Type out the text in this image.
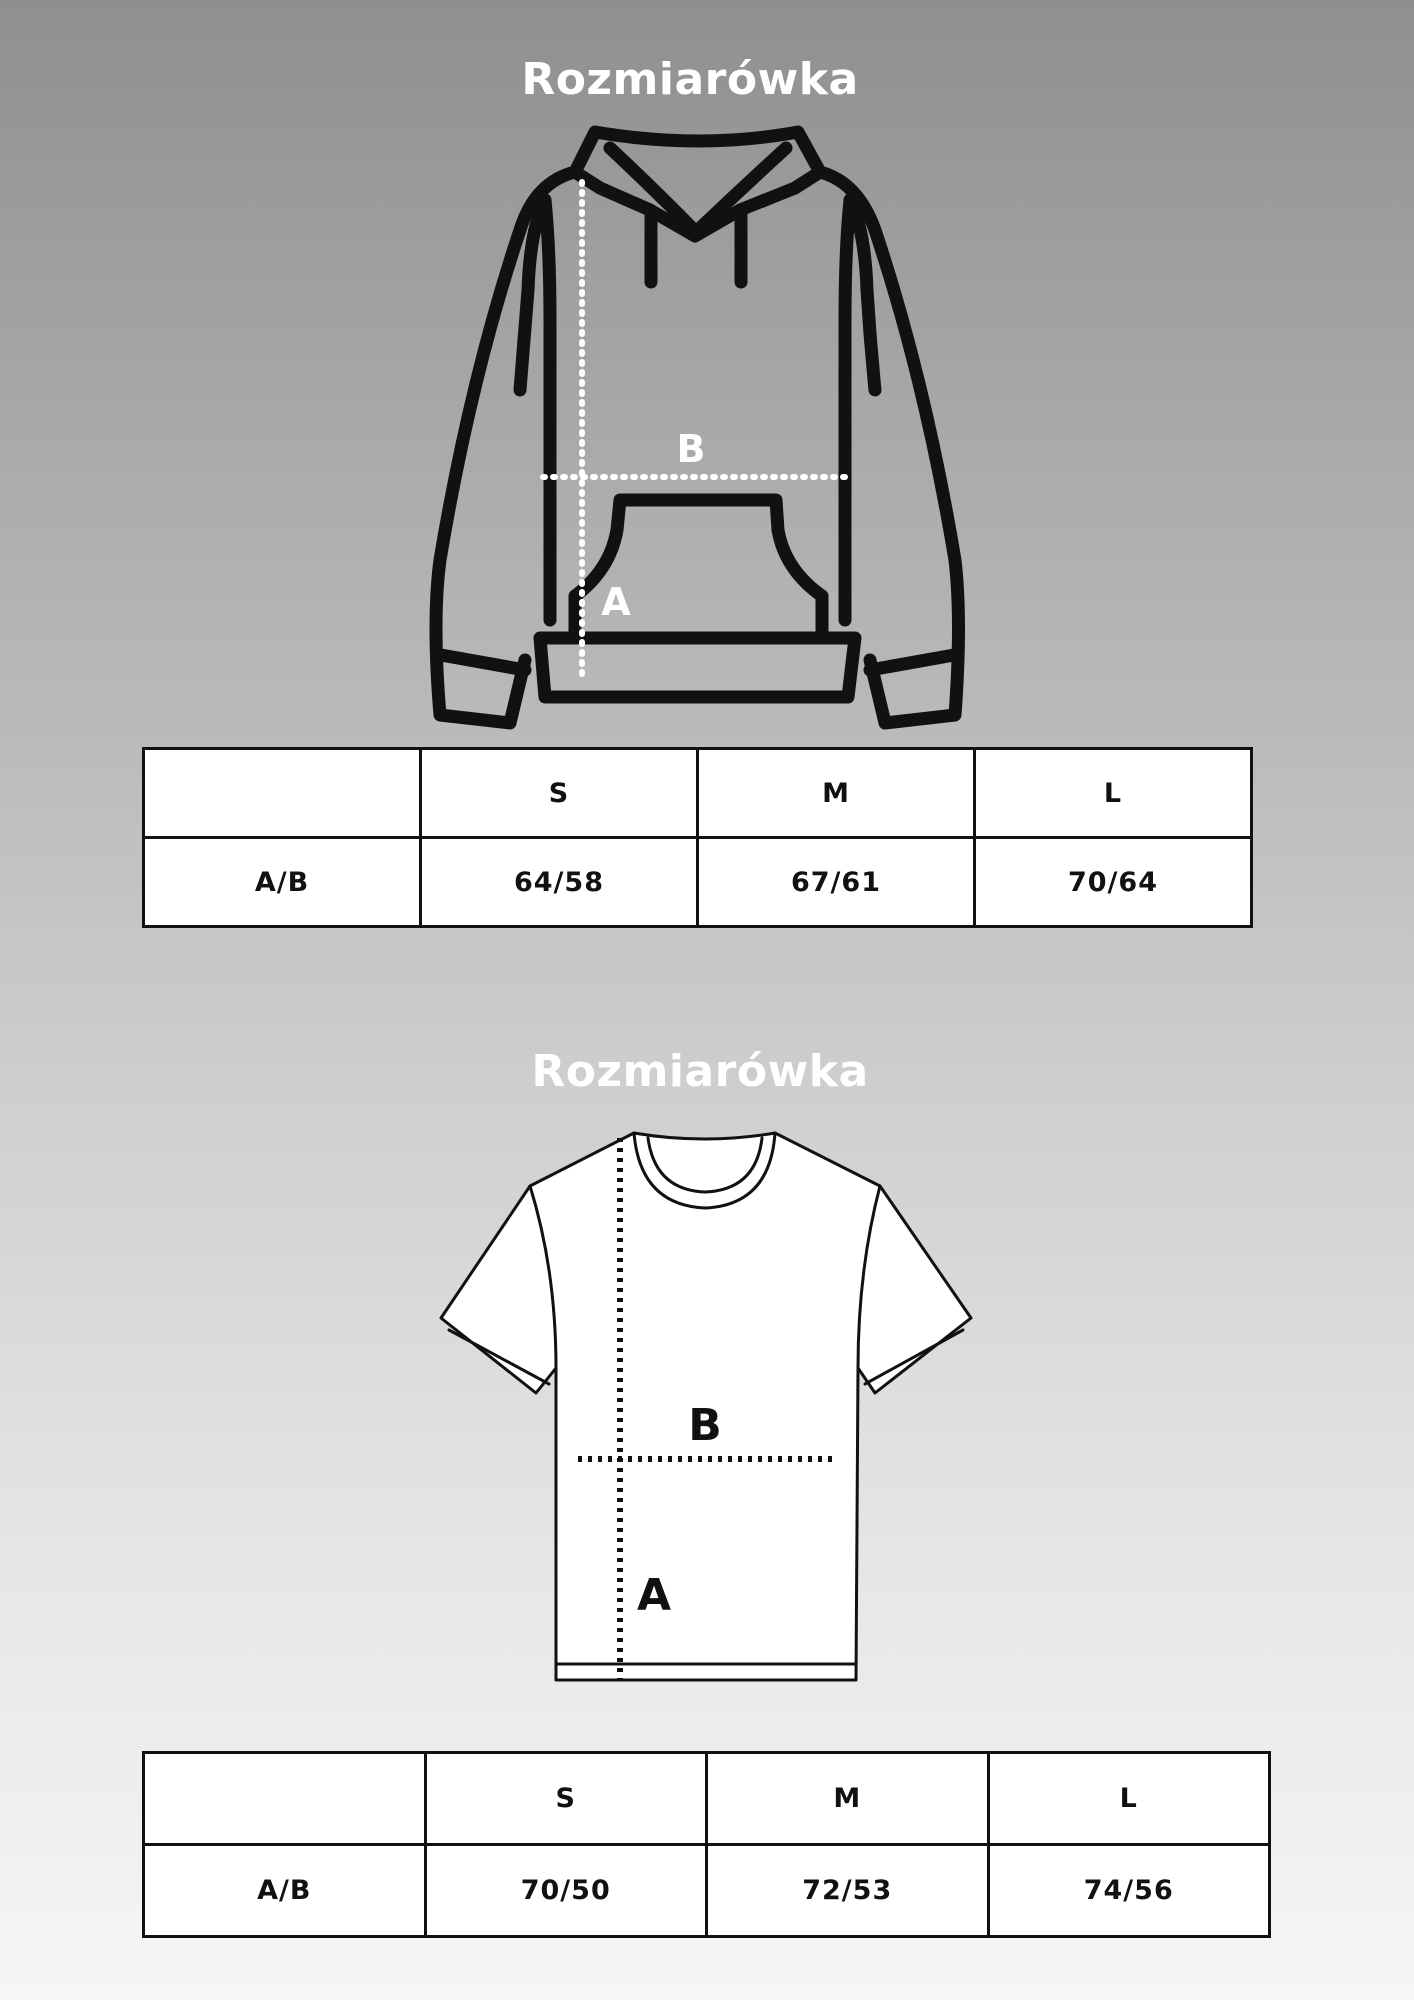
Rozmiarówka
B
A
	S	M	L
A/B	64/58	67/61	70/64
Rozmiarówka
B
A
	S	M	L
A/B	70/50	72/53	74/56
